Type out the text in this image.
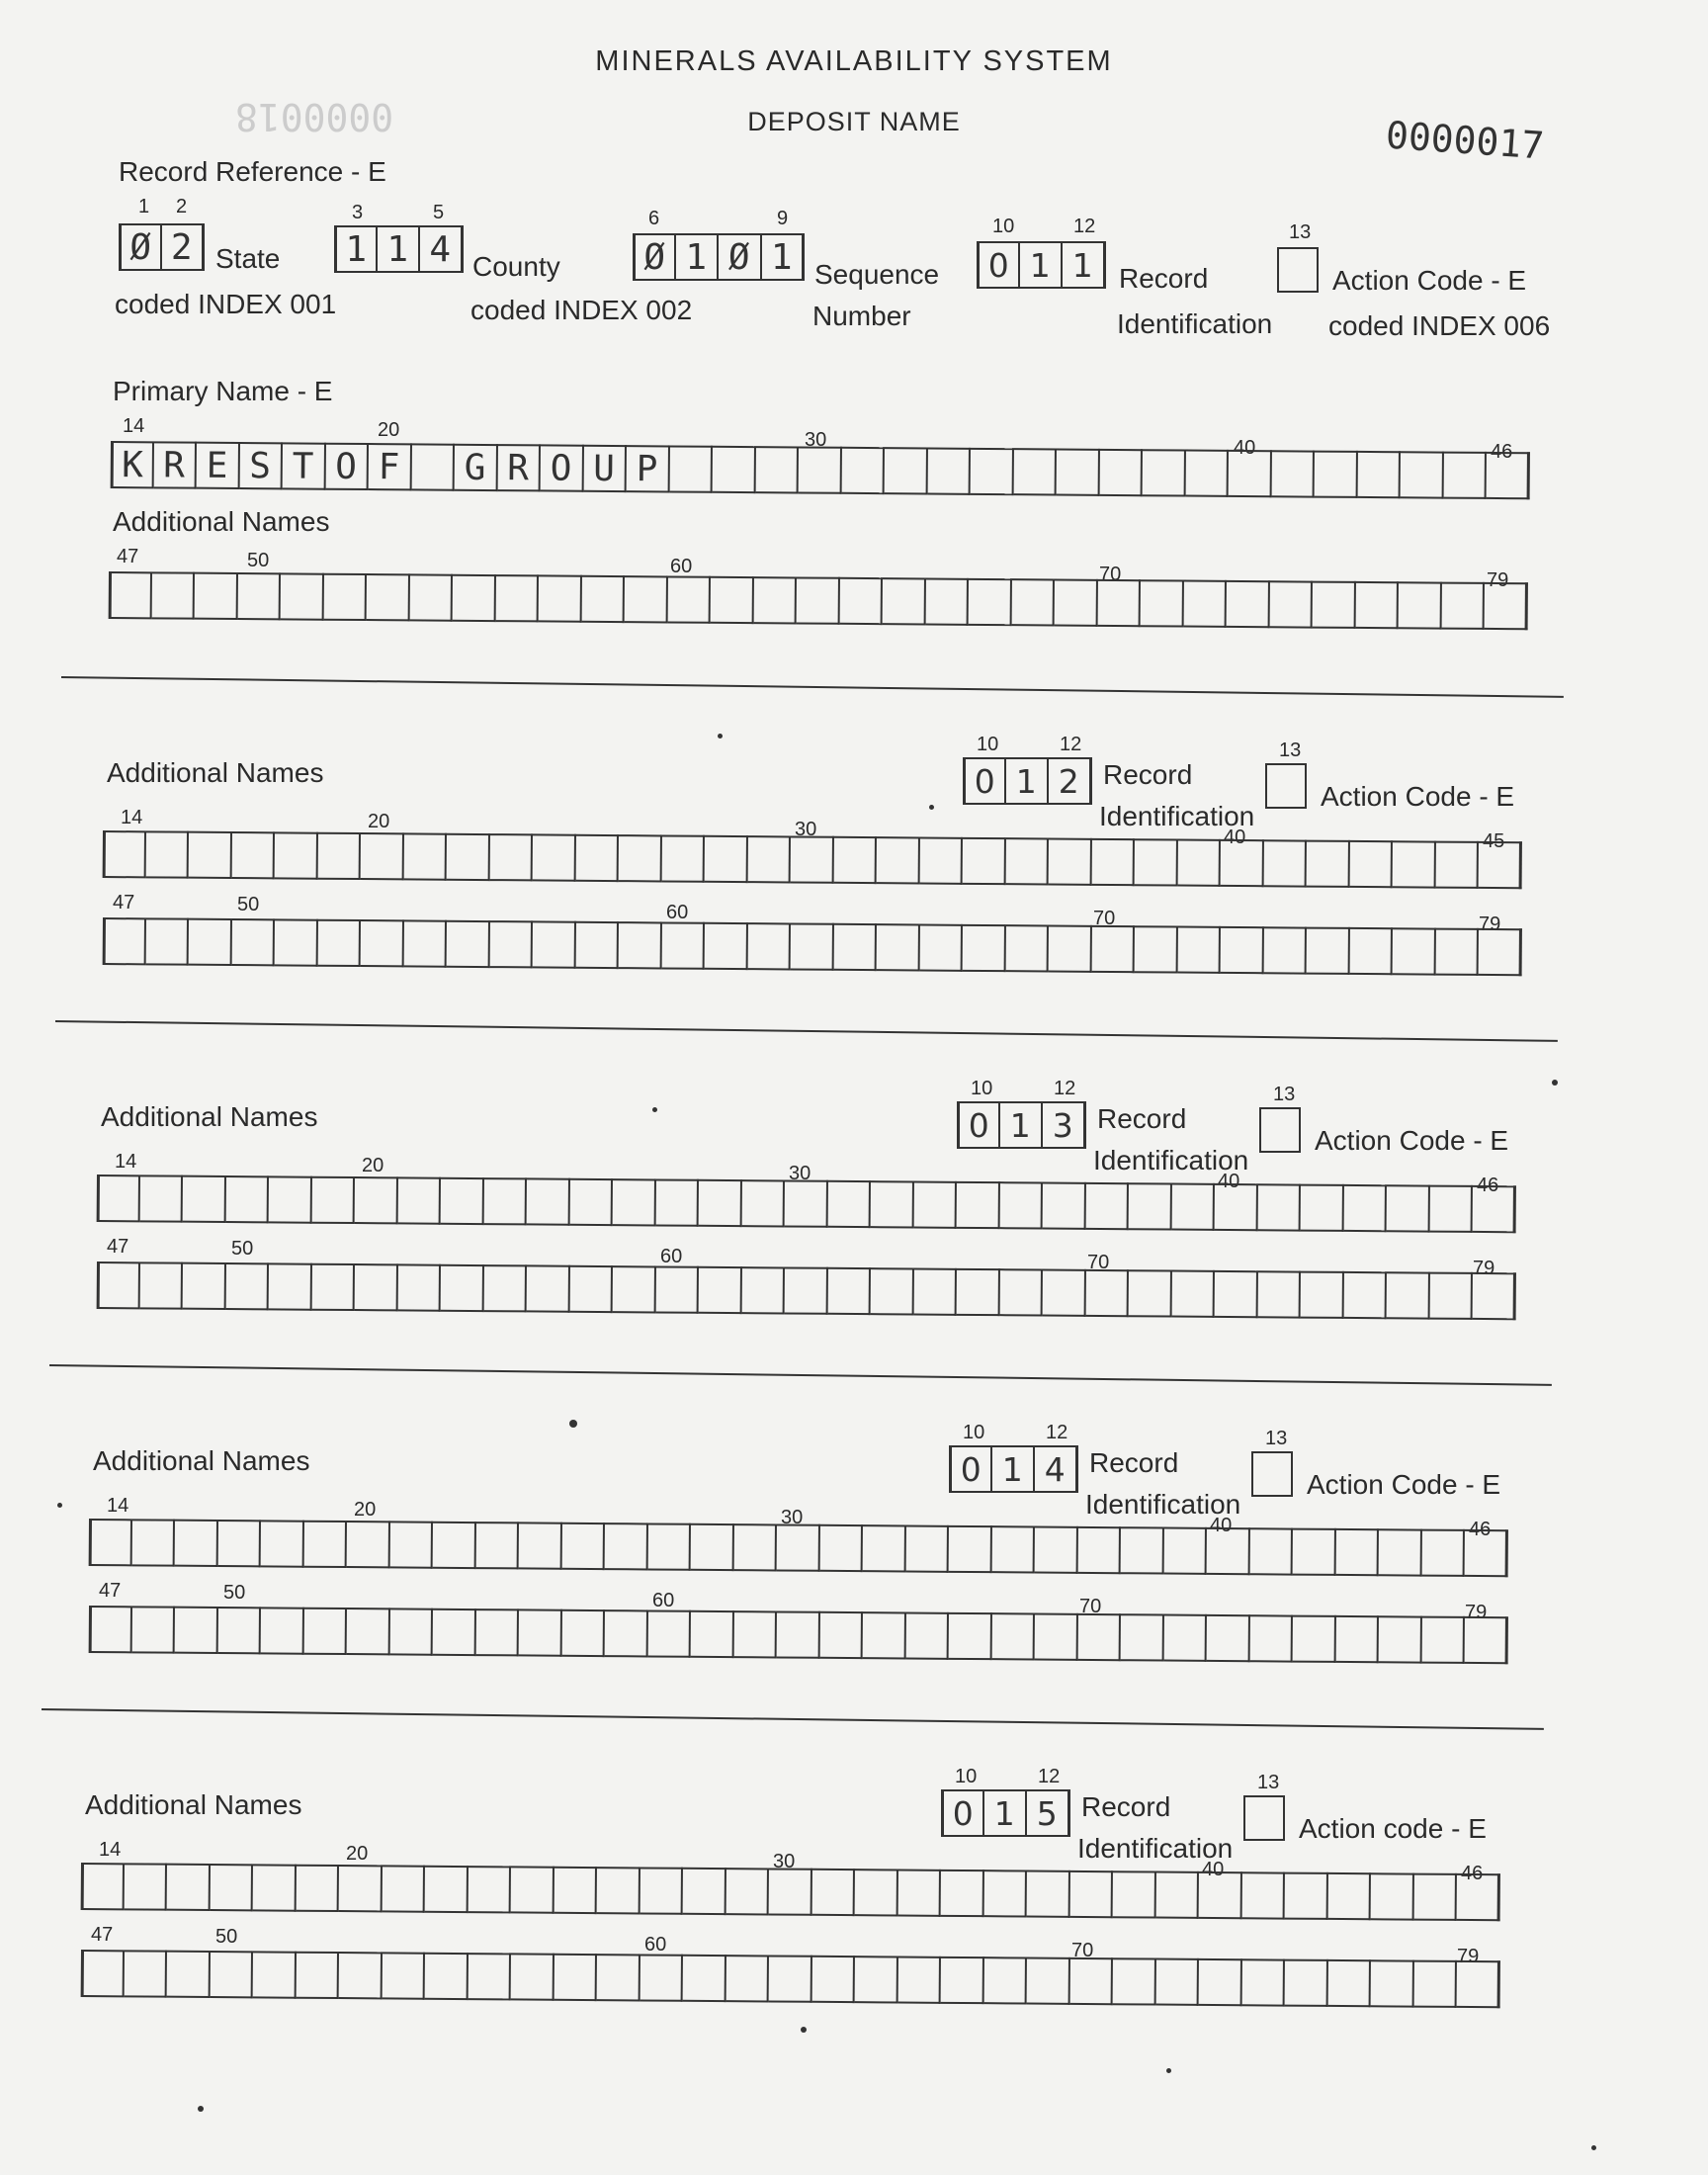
MINERALS AVAILABILITY SYSTEM
DEPOSIT NAME	0000017
0000018
Record Reference - E
1 2
Ø 2 State
coded INDEX 001
3	5
1 1 4 County
coded INDEX 002
6	9
Ø 1 Ø 1 Sequence
Number
10	12
0 1 1 Record
Identification
13
Action Code - E
coded INDEX 006
Primary Name - E
14	20	30	40	46
K R E S T O F	G R O U P
Additional Names
47	50	60	70	79
Additional Names
10	12
0 1 2 Record
Identification
13
Action Code - E
14	20	30	40	45
47	50	60	70	79
Additional Names
10	12
0 1 3 Record
Identification
13
Action Code - E
14	20	30	40	46
47	50	60	70	79
Additional Names
10	12
0 1 4 Record
Identification
13
Action Code - E
14	20	30	40	46
47	50	60	70	79
Additional Names
10	12
0 1 5 Record
Identification
13
Action code - E
14	20	30	40	46
47	50	60	70	79
